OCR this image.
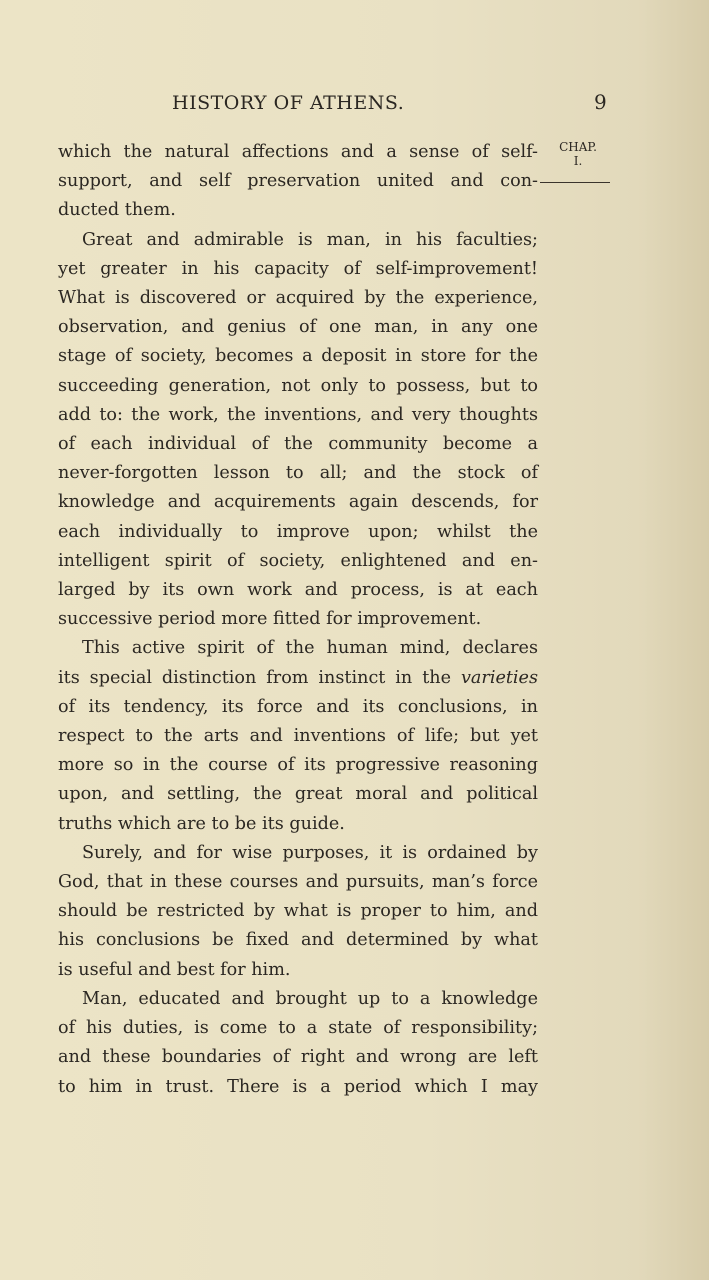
HISTORY OF ATHENS.	9
CHAP.
I.

which the natural affections and a sense of self-
support, and self preservation united and con-
ducted them.

Great and admirable is man, in his faculties;
yet greater in his capacity of self-improvement!
What is discovered or acquired by the experience,
observation, and genius of one man, in any one
stage of society, becomes a deposit in store for the
succeeding generation, not only to possess, but to
add to: the work, the inventions, and very thoughts
of each individual of the community become a
never-forgotten lesson to all; and the stock of
knowledge and acquirements again descends, for
each individually to improve upon; whilst the
intelligent spirit of society, enlightened and en-
larged by its own work and process, is at each
successive period more fitted for improvement.

This active spirit of the human mind, declares
its special distinction from instinct in the varieties
of its tendency, its force and its conclusions, in
respect to the arts and inventions of life; but yet
more so in the course of its progressive reasoning
upon, and settling, the great moral and political
truths which are to be its guide.

Surely, and for wise purposes, it is ordained by
God, that in these courses and pursuits, man’s force
should be restricted by what is proper to him, and
his conclusions be fixed and determined by what
is useful and best for him.

Man, educated and brought up to a knowledge
of his duties, is come to a state of responsibility;
and these boundaries of right and wrong are left
to him in trust. There is a period which I may
